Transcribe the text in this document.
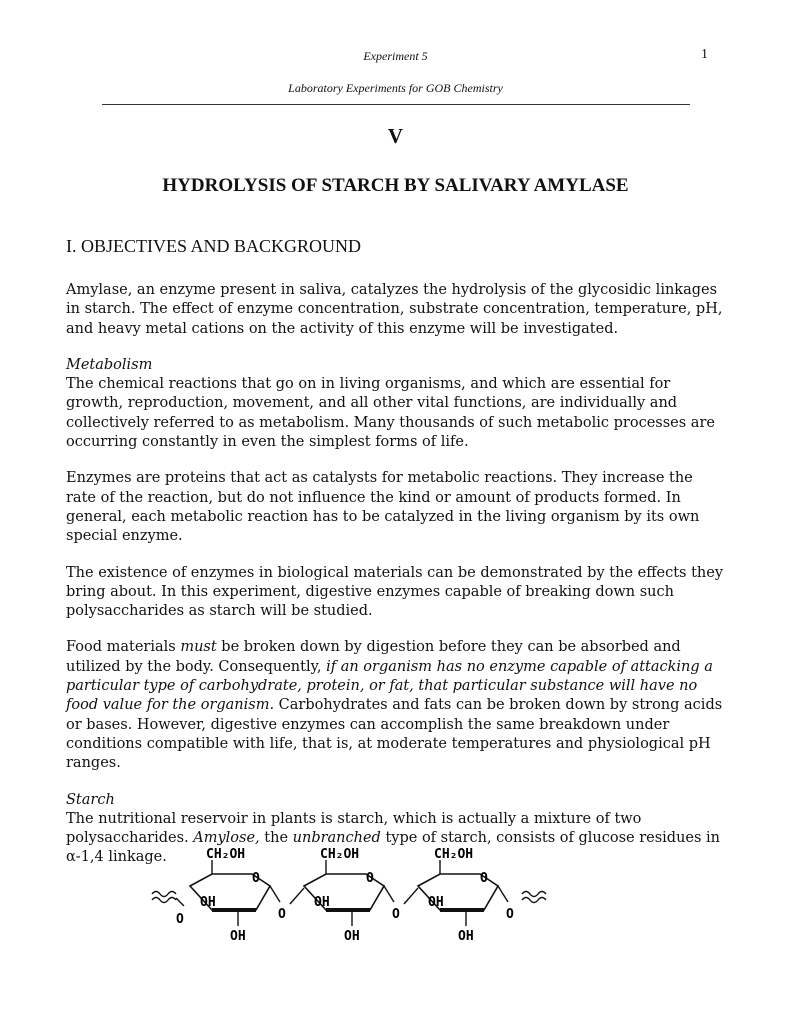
Experiment 5	1
Laboratory Experiments for GOB Chemistry
V
HYDROLYSIS OF STARCH BY SALIVARY AMYLASE
I. OBJECTIVES AND BACKGROUND

Amylase, an enzyme present in saliva, catalyzes the hydrolysis of the glycosidic linkages in starch. The effect of enzyme concentration, substrate concentration, temperature, pH, and heavy metal cations on the activity of this enzyme will be investigated.

Metabolism
The chemical reactions that go on in living organisms, and which are essential for growth, reproduction, movement, and all other vital functions, are individually and collectively referred to as metabolism. Many thousands of such metabolic processes are occurring constantly in even the simplest forms of life.

Enzymes are proteins that act as catalysts for metabolic reactions. They increase the rate of the reaction, but do not influence the kind or amount of products formed. In general, each metabolic reaction has to be catalyzed in the living organism by its own special enzyme.

The existence of enzymes in biological materials can be demonstrated by the effects they bring about. In this experiment, digestive enzymes capable of breaking down such polysaccharides as starch will be studied.

Food materials must be broken down by digestion before they can be absorbed and utilized by the body. Consequently, if an organism has no enzyme capable of attacking a particular type of carbohydrate, protein, or fat, that particular substance will have no food value for the organism. Carbohydrates and fats can be broken down by strong acids or bases. However, digestive enzymes can accomplish the same breakdown under conditions compatible with life, that is, at moderate temperatures and physiological pH ranges.

Starch
The nutritional reservoir in plants is starch, which is actually a mixture of two polysaccharides. Amylose, the unbranched type of starch, consists of glucose residues in α-1,4 linkage.

O
CH₂OH
O
OH
OH
O
CH₂OH
O
OH
OH
O
CH₂OH
O
OH
OH
O
